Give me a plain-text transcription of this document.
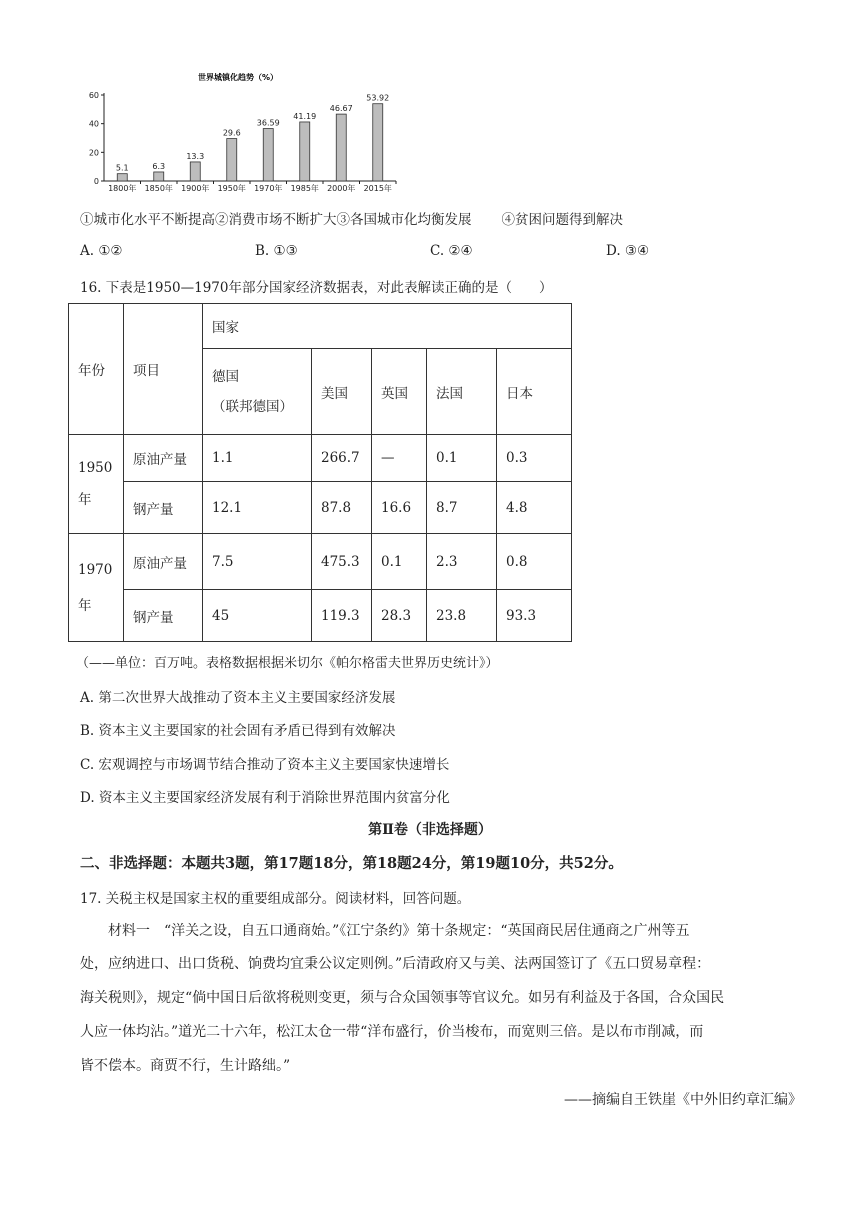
世界城镇化趋势（%）
0
20
40
60
1800年 1850年 1900年 1950年 1970年 1985年 2000年 2015年
5.1	6.3
13.3
29.6
36.59
41.19
46.67
53.92
①城市化水平不断提高②消费市场不断扩大③各国城市化均衡发展 ④贫困问题得到解决
A. ①②	B. ①③	C. ②④	D. ③④
16. 下表是1950—1970年部分国家经济数据表，对此表解读正确的是（　　）
年份	项目	国家				

		德国
（联邦德国）	美国	英国	法国	日本

1950
年	原油产量	1.1	266.7	—	0.1	0.3
	钢产量	12.1	87.8	16.6	8.7	4.8

1970
年	原油产量	7.5	475.3	0.1	2.3	0.8
	钢产量	45	119.3	28.3	23.8	93.3
（——单位：百万吨。表格数据根据米切尔《帕尔格雷夫世界历史统计》）
A. 第二次世界大战推动了资本主义主要国家经济发展
B. 资本主义主要国家的社会固有矛盾已得到有效解决
C. 宏观调控与市场调节结合推动了资本主义主要国家快速增长
D. 资本主义主要国家经济发展有利于消除世界范围内贫富分化
第Ⅱ卷（非选择题）
二、非选择题：本题共3题，第17题18分，第18题24分，第19题10分，共52分。
17. 关税主权是国家主权的重要组成部分。阅读材料，回答问题。
材料一　“洋关之设，自五口通商始。”《江宁条约》第十条规定：“英国商民居住通商之广州等五
处，应纳进口、出口货税、饷费均宜秉公议定则例。”后清政府又与美、法两国签订了《五口贸易章程：
海关税则》，规定“倘中国日后欲将税则变更，须与合众国领事等官议允。如另有利益及于各国，合众国民
人应一体均沾。”道光二十六年，松江太仓一带“洋布盛行，价当梭布，而宽则三倍。是以布市削减，而
皆不偿本。商贾不行，生计路绌。”
——摘编自王铁崖《中外旧约章汇编》
